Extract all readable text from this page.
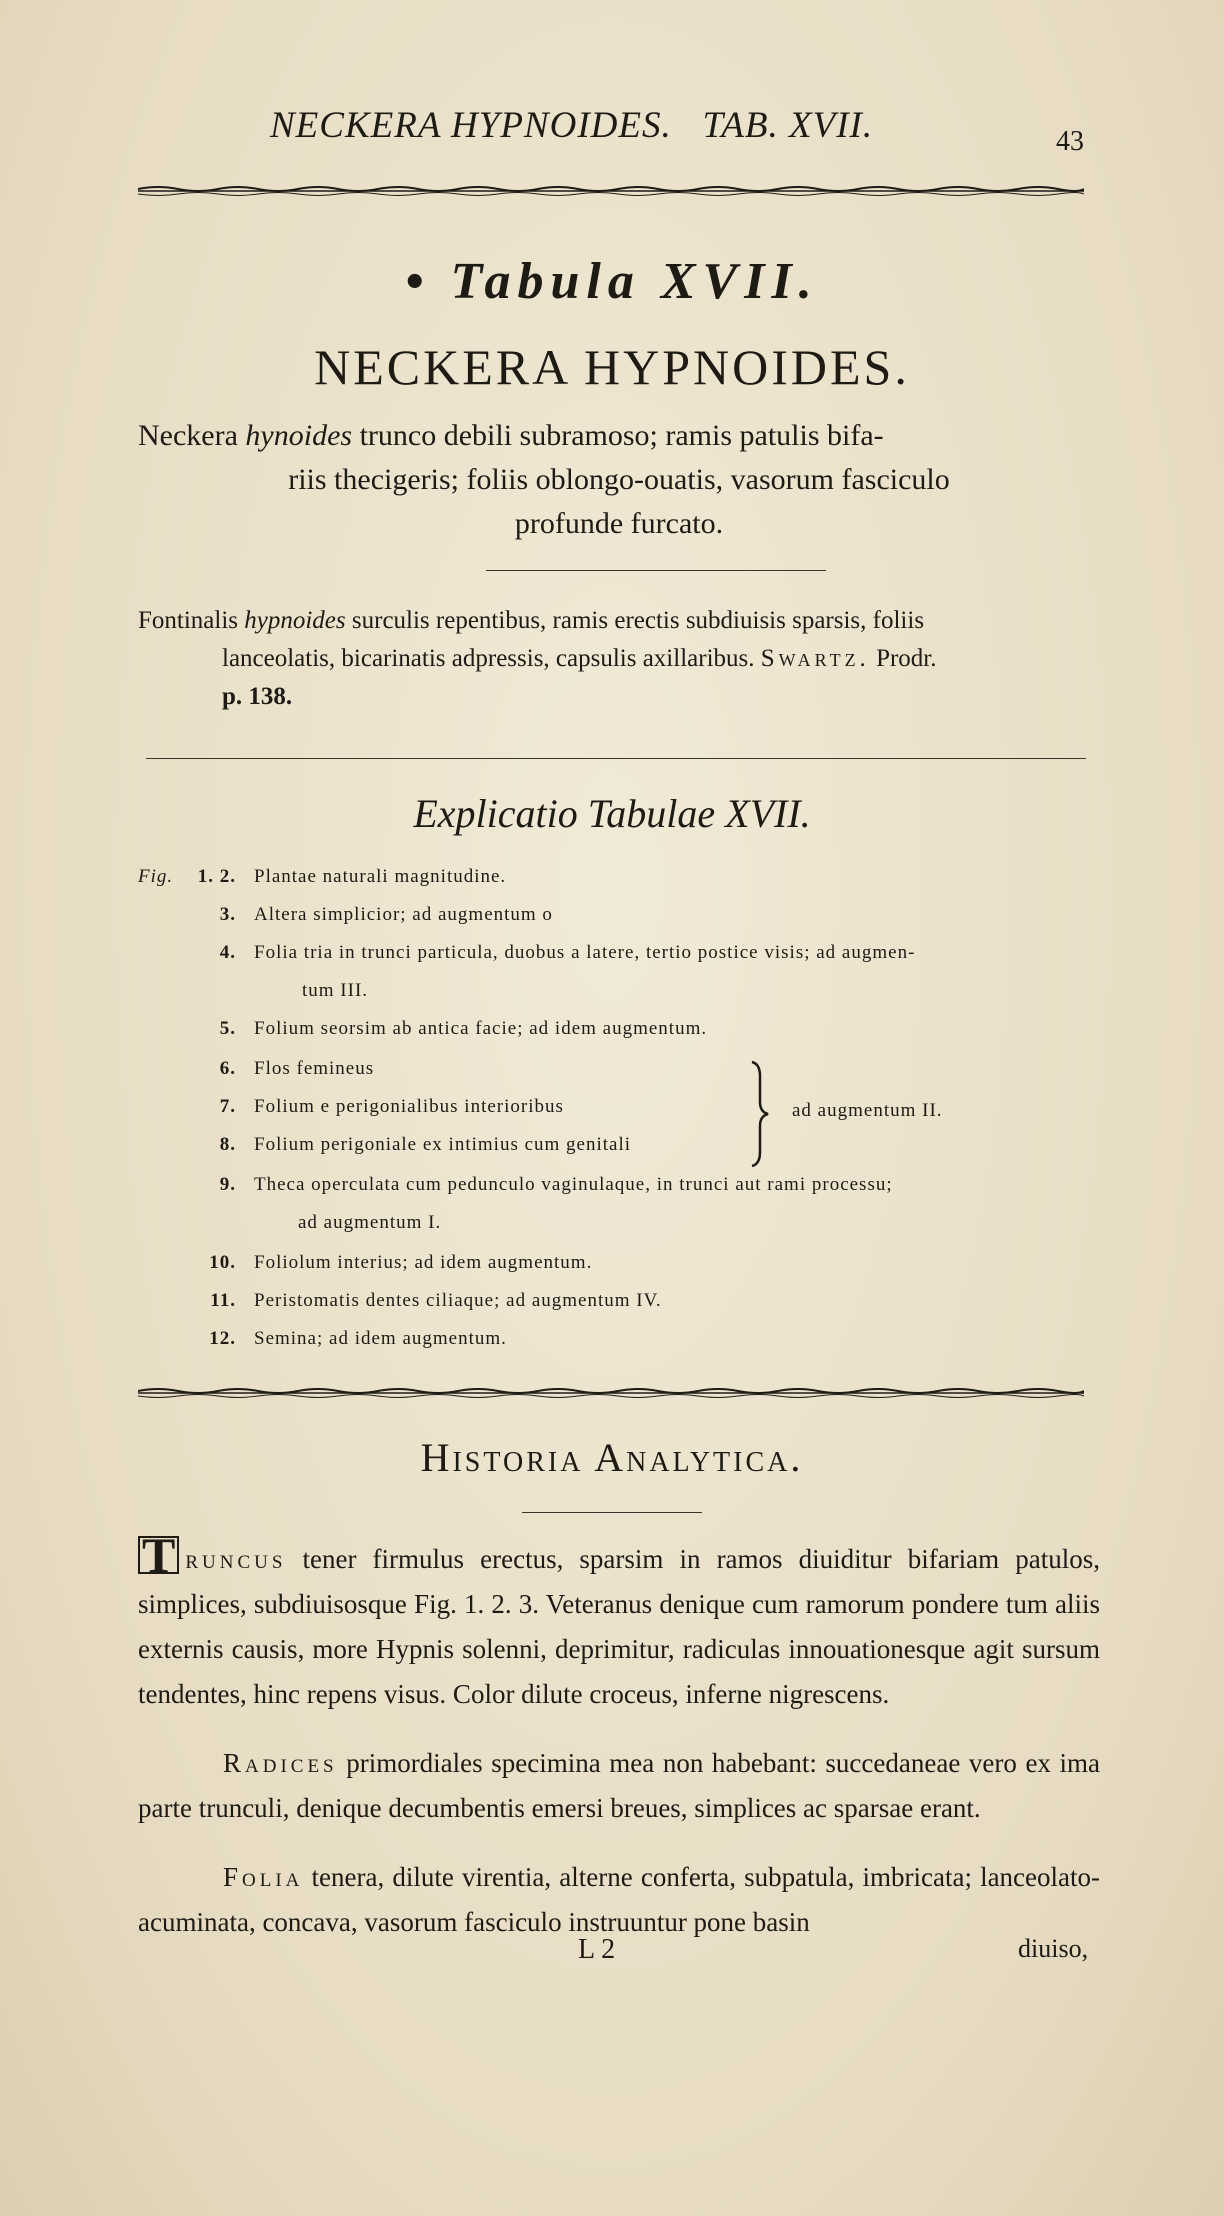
NECKERA HYPNOIDES. TAB. XVII.	43
• Tabula XVII.
NECKERA HYPNOIDES.
Neckera hynoides trunco debili subramoso; ramis patulis bifa-
riis thecigeris; foliis oblongo-ouatis, vasorum fasciculo
profunde furcato.
Fontinalis hypnoides surculis repentibus, ramis erectis subdiuisis sparsis, foliis
lanceolatis, bicarinatis adpressis, capsulis axillaribus. Swartz. Prodr.
p. 138.
Explicatio Tabulae XVII.
Fig.	1. 2. Plantae naturali magnitudine.
3. Altera simplicior; ad augmentum o
4. Folia tria in trunci particula, duobus a latere, tertio postice visis; ad augmen-
tum III.
5. Folium seorsim ab antica facie; ad idem augmentum.
6. Flos femineus
7. Folium e perigonialibus interioribus
8. Folium perigoniale ex intimius cum genitali
ad augmentum II.
9. Theca operculata cum pedunculo vaginulaque, in trunci aut rami processu;
ad augmentum I.
10. Foliolum interius; ad idem augmentum.
11. Peristomatis dentes ciliaque; ad augmentum IV.
12. Semina; ad idem augmentum.
Historia Analytica.

T runcus tener firmulus erectus, sparsim in ramos diuiditur bifariam patulos, simplices, subdiuisosque Fig. 1. 2. 3. Veteranus denique cum ramorum pondere tum aliis externis causis, more Hypnis solenni, deprimitur, radiculas innouationesque agit sursum tendentes, hinc repens visus. Color dilute croceus, inferne nigrescens.

Radices primordiales specimina mea non habebant: succedaneae vero ex ima parte trunculi, denique decumbentis emersi breues, simplices ac sparsae erant.

Folia tenera, dilute virentia, alterne conferta, subpatula, imbricata; lanceolato-acuminata, concava, vasorum fasciculo instruuntur pone basin

L 2	diuiso,
